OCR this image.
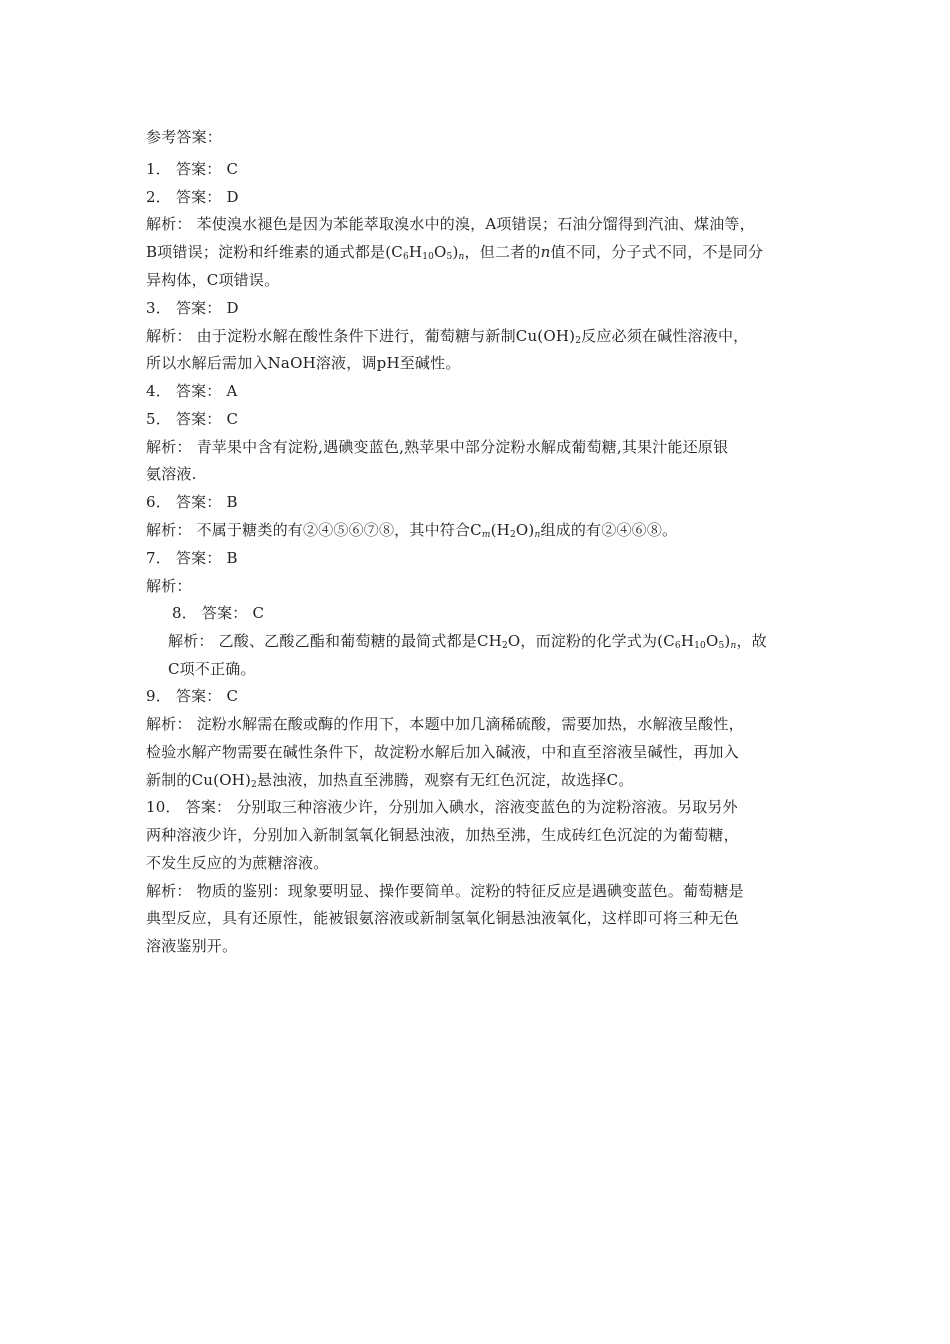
参考答案：
1． 答案： C
2． 答案： D
解析： 苯使溴水褪色是因为苯能萃取溴水中的溴，A项错误；石油分馏得到汽油、煤油等，
B项错误；淀粉和纤维素的通式都是$(C_6H_{10}O_5)_n$，但二者的n值不同，分子式不同，不是同分
异构体，C项错误。
3． 答案： D
解析： 由于淀粉水解在酸性条件下进行，葡萄糖与新制$Cu(OH)_2$反应必须在碱性溶液中，
所以水解后需加入NaOH溶液，调pH至碱性。
4． 答案： A
5． 答案： C
解析： 青苹果中含有淀粉,遇碘变蓝色,熟苹果中部分淀粉水解成葡萄糖,其果汁能还原银
氨溶液.
6． 答案： B
解析： 不属于糖类的有②④⑤⑥⑦⑧，其中符合$C_m(H_2O)_n$组成的有②④⑥⑧。
7． 答案： B
解析：
8． 答案： C
解析： 乙酸、乙酸乙酯和葡萄糖的最简式都是$CH_2O$，而淀粉的化学式为$(C_6H_{10}O_5)_n$，故
C项不正确。
9． 答案： C
解析： 淀粉水解需在酸或酶的作用下，本题中加几滴稀硫酸，需要加热，水解液呈酸性，
检验水解产物需要在碱性条件下，故淀粉水解后加入碱液，中和直至溶液呈碱性，再加入
新制的$Cu(OH)_2$悬浊液，加热直至沸腾，观察有无红色沉淀，故选择C。
10． 答案： 分别取三种溶液少许，分别加入碘水，溶液变蓝色的为淀粉溶液。另取另外
两种溶液少许，分别加入新制氢氧化铜悬浊液，加热至沸，生成砖红色沉淀的为葡萄糖，
不发生反应的为蔗糖溶液。
解析： 物质的鉴别：现象要明显、操作要简单。淀粉的特征反应是遇碘变蓝色。葡萄糖是
典型反应，具有还原性，能被银氨溶液或新制氢氧化铜悬浊液氧化，这样即可将三种无色
溶液鉴别开。
